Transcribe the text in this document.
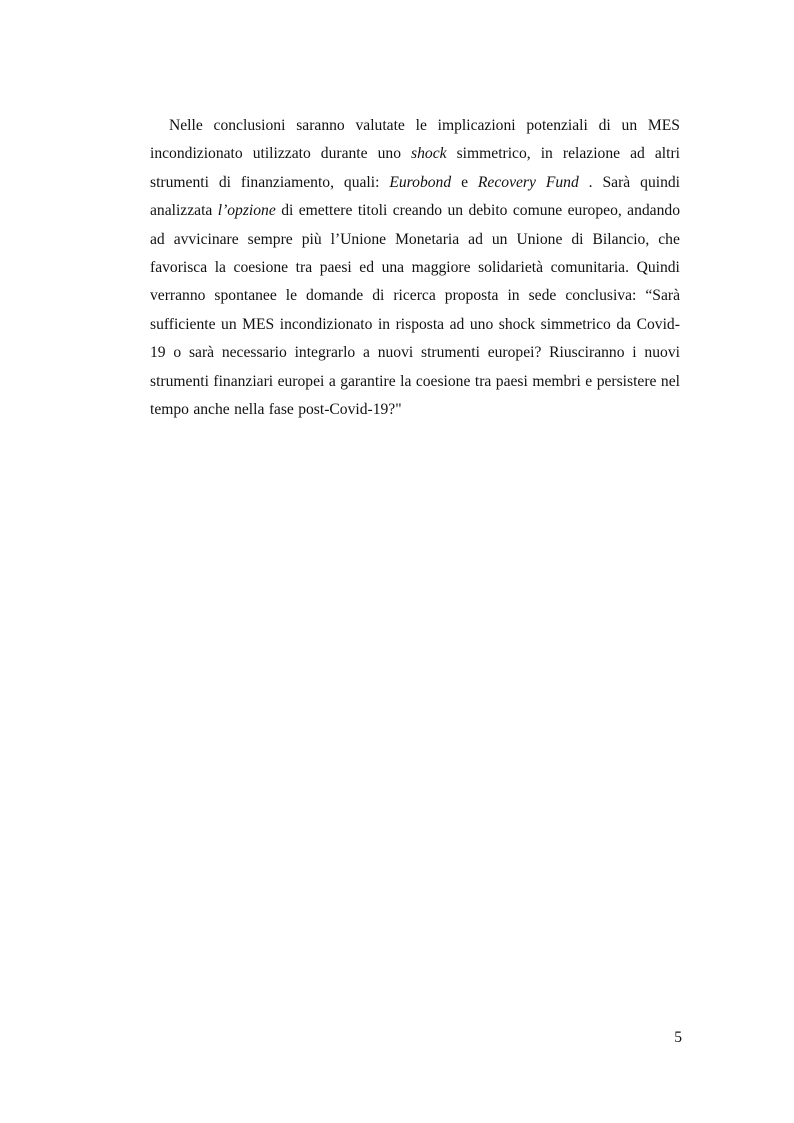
Nelle conclusioni saranno valutate le implicazioni potenziali di un MES
incondizionato utilizzato durante uno shock simmetrico, in relazione ad altri
strumenti di finanziamento, quali: Eurobond e Recovery Fund . Sarà quindi
analizzata l’opzione di emettere titoli creando un debito comune europeo, andando
ad avvicinare sempre più l’Unione Monetaria ad un Unione di Bilancio, che
favorisca la coesione tra paesi ed una maggiore solidarietà comunitaria. Quindi
verranno spontanee le domande di ricerca proposta in sede conclusiva: “Sarà
sufficiente un MES incondizionato in risposta ad uno shock simmetrico da Covid-
19 o sarà necessario integrarlo a nuovi strumenti europei? Riusciranno i nuovi
strumenti finanziari europei a garantire la coesione tra paesi membri e persistere nel
tempo anche nella fase post-Covid-19?"
5
